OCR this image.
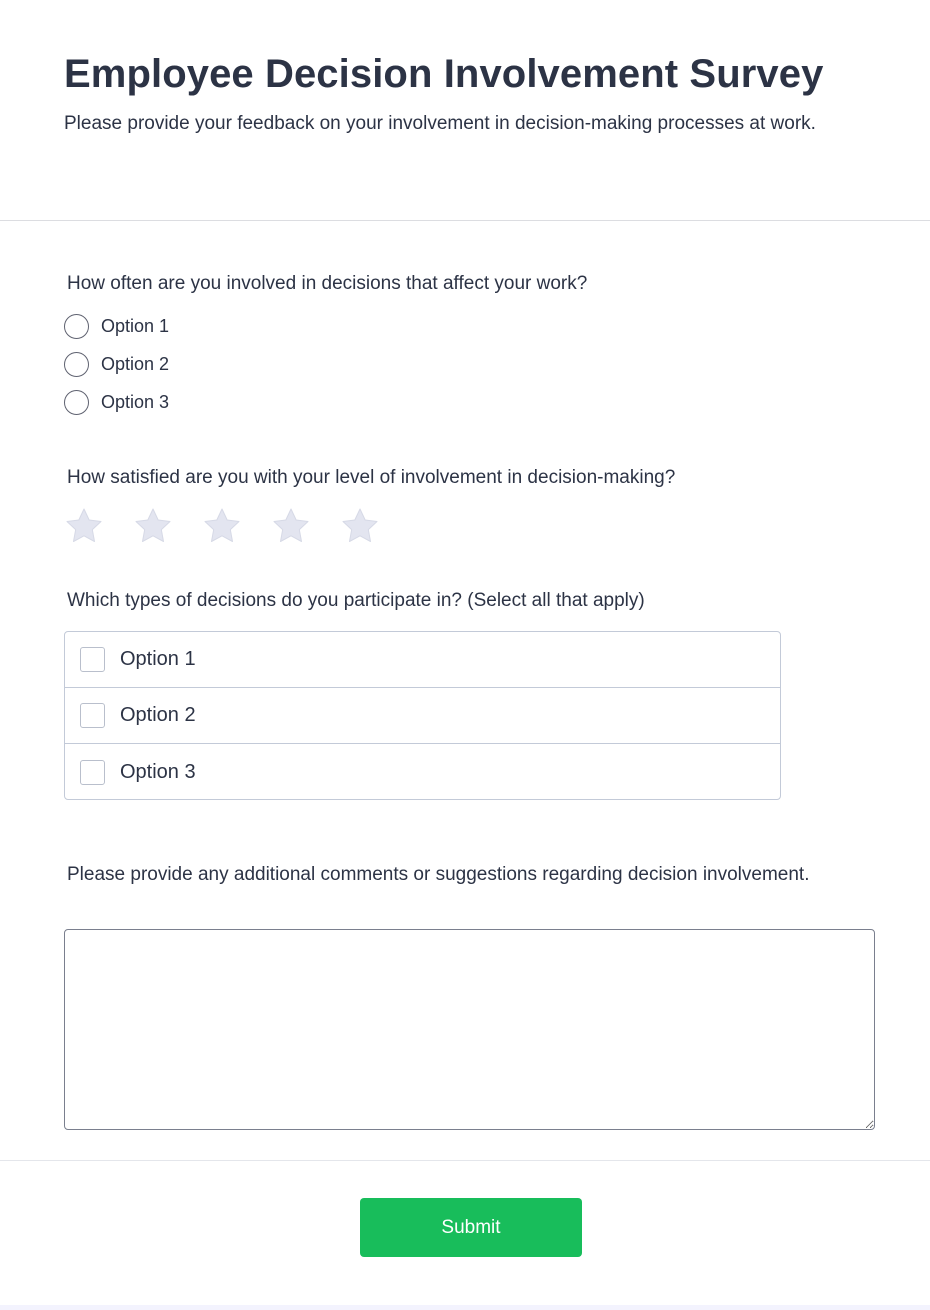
Employee Decision Involvement Survey

Please provide your feedback on your involvement in decision-making processes at work.

How often are you involved in decisions that affect your work?
Option 1
Option 2
Option 3
How satisfied are you with your level of involvement in decision-making?
Which types of decisions do you participate in? (Select all that apply)
Option 1
Option 2
Option 3
Please provide any additional comments or suggestions regarding decision involvement.
Submit
